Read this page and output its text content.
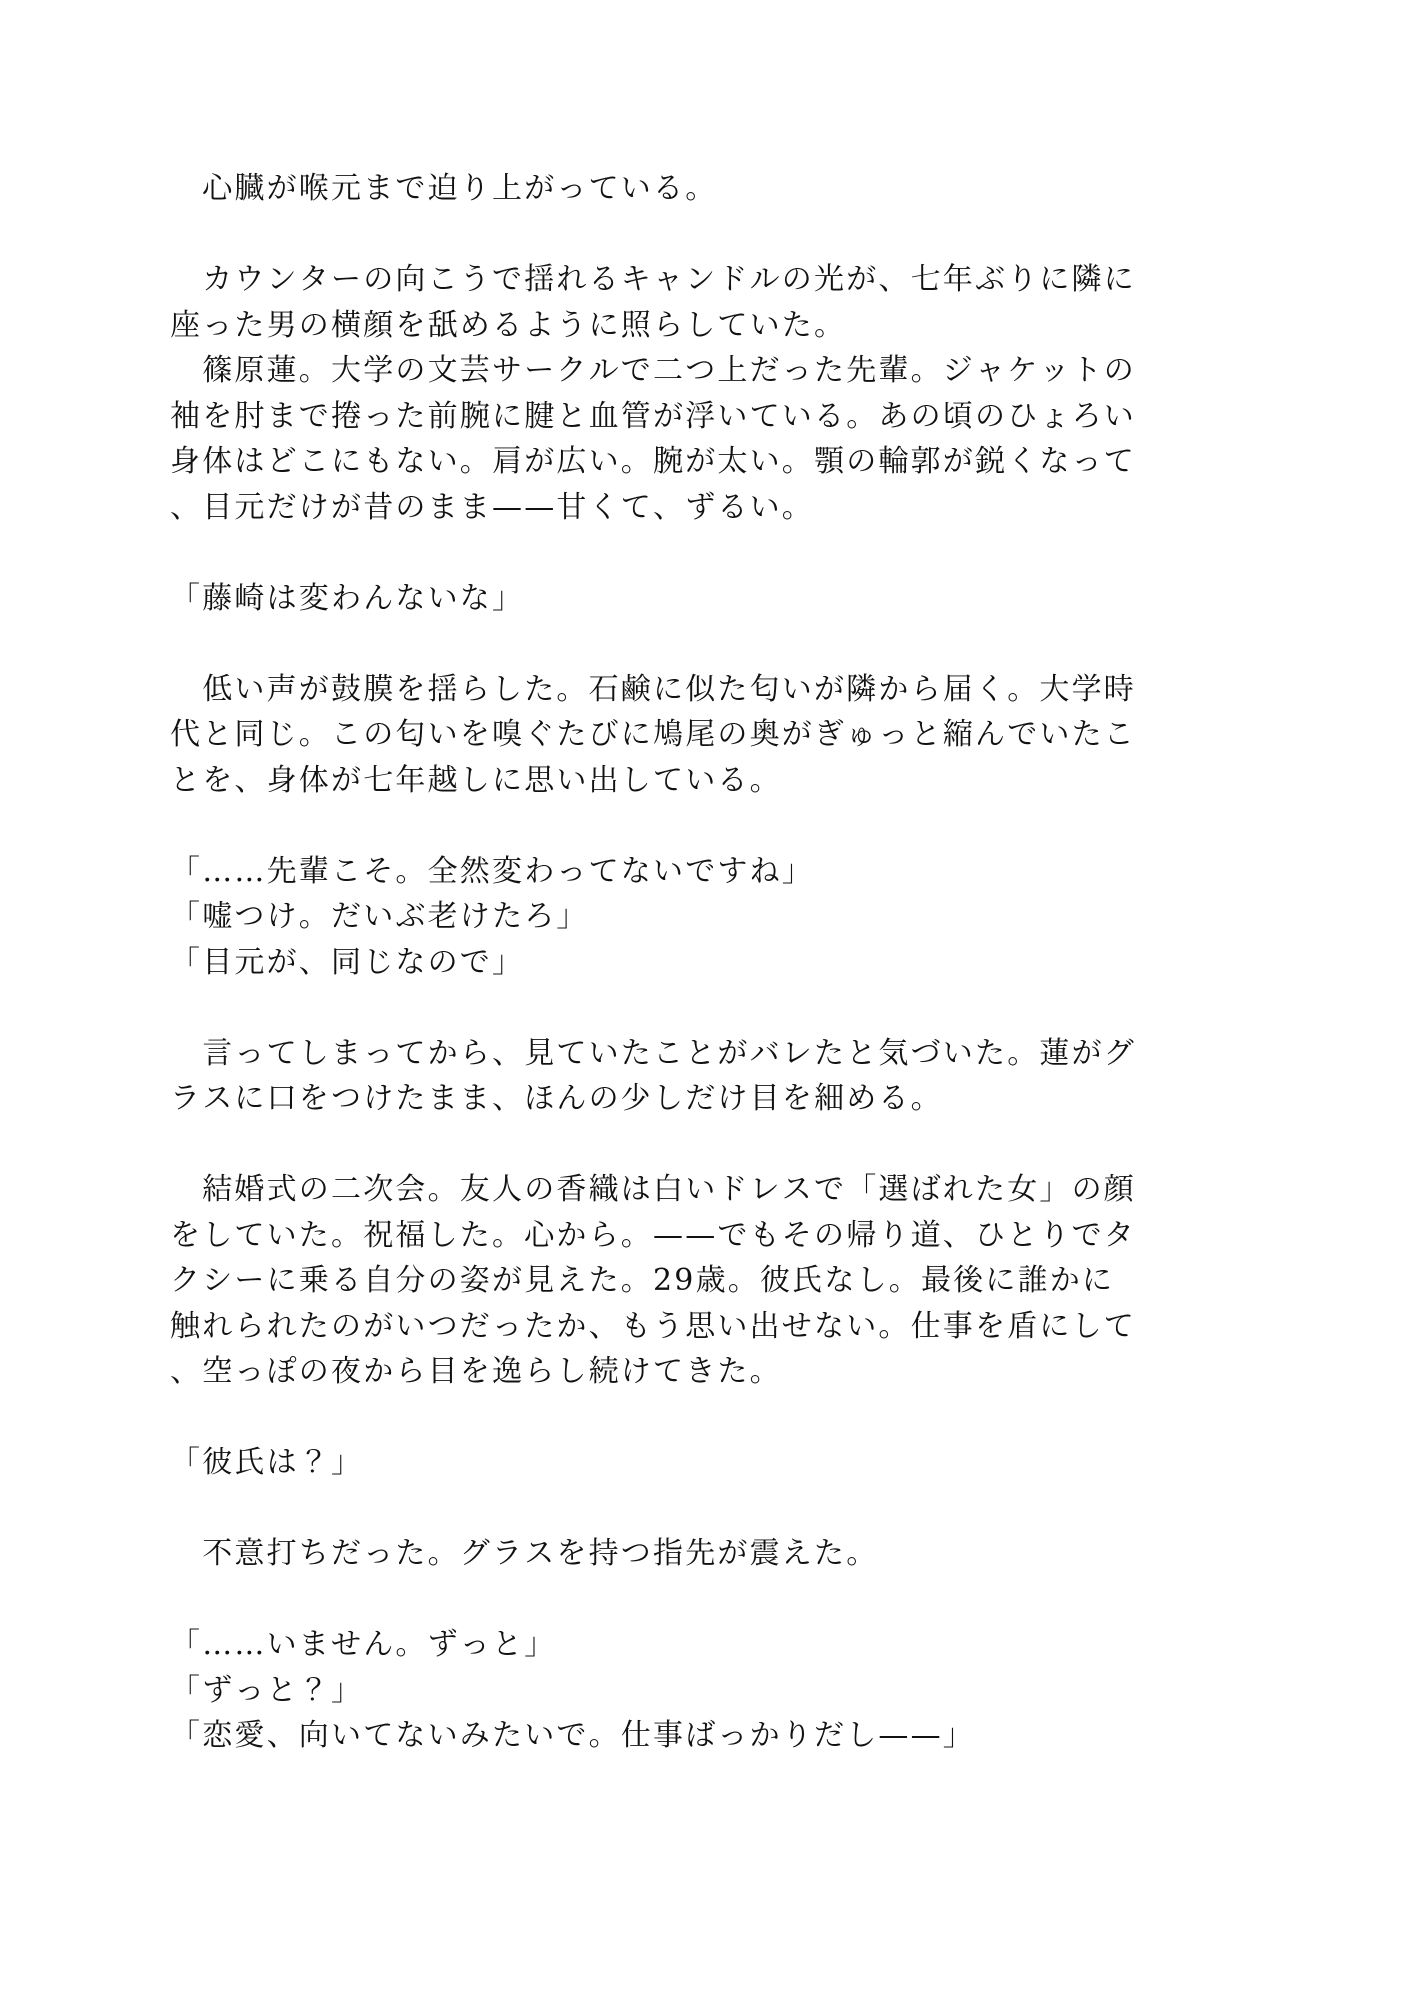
　心臓が喉元まで迫り上がっている。
　カウンターの向こうで揺れるキャンドルの光が、七年ぶりに隣に
座った男の横顔を舐めるように照らしていた。
　篠原蓮。大学の文芸サークルで二つ上だった先輩。ジャケットの
袖を肘まで捲った前腕に腱と血管が浮いている。あの頃のひょろい
身体はどこにもない。肩が広い。腕が太い。顎の輪郭が鋭くなって
、目元だけが昔のまま——甘くて、ずるい。
「藤崎は変わんないな」
　低い声が鼓膜を揺らした。石鹸に似た匂いが隣から届く。大学時
代と同じ。この匂いを嗅ぐたびに鳩尾の奥がぎゅっと縮んでいたこ
とを、身体が七年越しに思い出している。
「……先輩こそ。全然変わってないですね」
「嘘つけ。だいぶ老けたろ」
「目元が、同じなので」
　言ってしまってから、見ていたことがバレたと気づいた。蓮がグ
ラスに口をつけたまま、ほんの少しだけ目を細める。
　結婚式の二次会。友人の香織は白いドレスで「選ばれた女」の顔
をしていた。祝福した。心から。——でもその帰り道、ひとりでタ
クシーに乗る自分の姿が見えた。29歳。彼氏なし。最後に誰かに
触れられたのがいつだったか、もう思い出せない。仕事を盾にして
、空っぽの夜から目を逸らし続けてきた。
「彼氏は？」
　不意打ちだった。グラスを持つ指先が震えた。
「……いません。ずっと」
「ずっと？」
「恋愛、向いてないみたいで。仕事ばっかりだし——」
